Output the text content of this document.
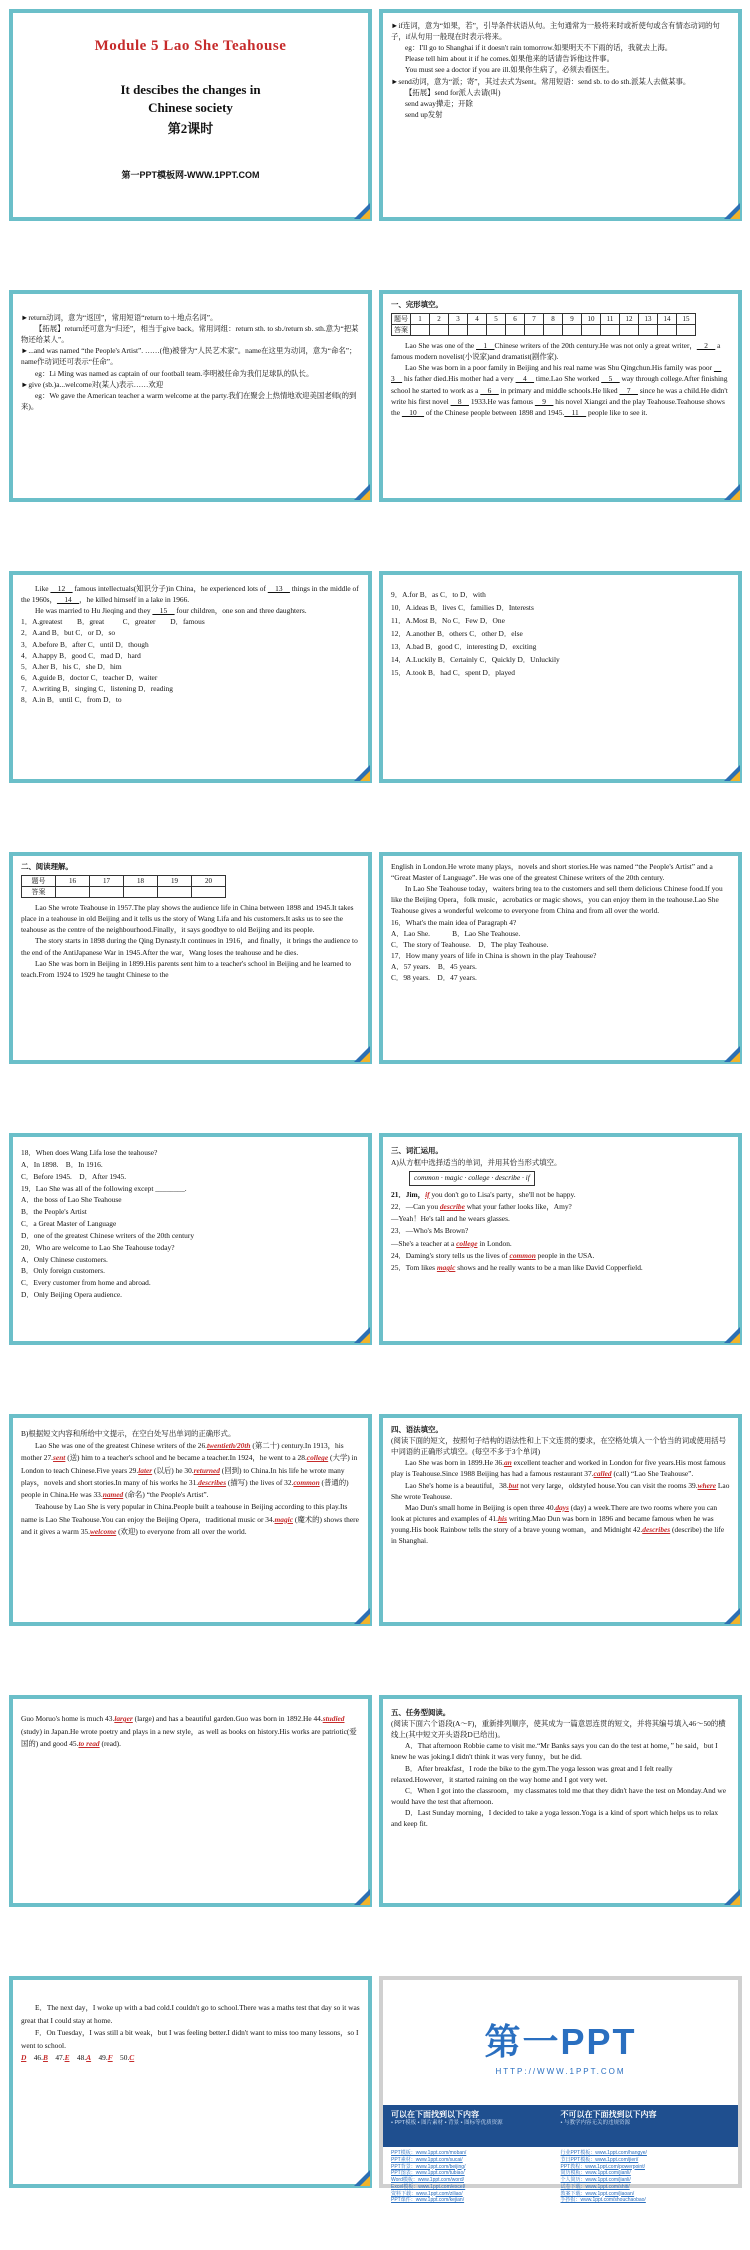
Module 5 Lao She Teahouse
It descibes the changes in
Chinese society
第2课时
第一PPT模板网-WWW.1PPT.COM

►if连词，意为“如果，若”，引导条件状语从句。主句通常为一般将来时或祈使句或含有情态动词的句子，if从句用一般现在时表示将来。

eg：I'll go to Shanghai if it doesn't rain tomorrow.如果明天不下雨的话，我就去上海。

Please tell him about it if he comes.如果他来的话请告诉他这件事。

You must see a doctor if you are ill.如果你生病了，必须去看医生。

►send动词，意为“派；寄”，其过去式为sent。常用短语：send sb. to do sth.派某人去做某事。

【拓展】send for派人去请(叫)

send away撵走；开除

send up发射

►return动词，意为“返回”，常用短语“return to＋地点名词”。

【拓展】return还可意为“归还”，相当于give back。常用词组：return sth. to sb./return sb. sth.意为“把某物还给某人”。

►...and was named “the People's Artist”. ……(他)被誉为“人民艺术家”。name在这里为动词，意为“命名”；name作动词还可表示“任命”。

eg：Li Ming was named as captain of our football team.李明被任命为我们足球队的队长。

►give (sb.)a...welcome对(某人)表示……欢迎

eg：We gave the American teacher a warm welcome at the party.我们在聚会上热情地欢迎美国老师(的到来)。

一、完形填空。

题号	1	2	3	4	5	6	7	8	9	10	11	12	13	14	15
答案															

Lao She was one of the   1  Chinese writers of the 20th century.He was not only a great writer，  2   a famous modern novelist(小说家)and dramatist(剧作家).

Lao She was born in a poor family in Beijing and his real name was Shu Qingchun.His family was poor   3   his father died.His mother had a very   4   time.Lao She worked   5   way through college.After finishing school he started to work as a   6   in primary and middle schools.He liked   7   since he was a child.He didn't write his first novel   8   1933.He was famous   9   his novel Xiangzi and the play Teahouse.Teahouse shows the   10   of the Chinese people between 1898 and 1945.  11   people like to see it.

Like   12   famous intellectuals(知识分子)in China，he experienced lots of   13   things in the middle of the 1960s，  14  ，he killed himself in a lake in 1966.

He was married to Hu Jieqing and they   15   four children，one son and three daughters.

1．A.greatest        B．great          C．greater        D．famous

2．A.and B．but C．or D．so

3．A.before B．after C．until D．though

4．A.happy B．good C．mad D．hard

5．A.her B．his C．she D．him

6．A.guide B．doctor C．teacher D．waiter

7．A.writing B．singing C．listening D．reading

8．A.in B．until C．from D．to

9．A.for B．as C．to D．with

10．A.ideas B．lives C．families D．Interests

11．A.Most B．No C．Few D．One

12．A.another B．others C．other D．else

13．A.bad B．good C．interesting D．exciting

14．A.Luckily B．Certainly C．Quickly D．Unluckily

15．A.took B．had C．spent D．played

二、阅读理解。

题号	16	17	18	19	20
答案					

Lao She wrote Teahouse in 1957.The play shows the audience life in China between 1898 and 1945.It takes place in a teahouse in old Beijing and it tells us the story of Wang Lifa and his customers.It asks us to see the teahouse as the centre of the neighbourhood.Finally，it says goodbye to old Beijing and its people.

The story starts in 1898 during the Qing Dynasty.It continues in 1916，and finally，it brings the audience to the end of the AntiJapanese War in 1945.After the war，Wang loses the teahouse and he dies.

Lao She was born in Beijing in 1899.His parents sent him to a teacher's school in Beijing and he learned to teach.From 1924 to 1929 he taught Chinese to the

English in London.He wrote many plays，novels and short stories.He was named “the People's Artist” and a “Great Master of Language”. He was one of the greatest Chinese writers of the 20th century.

In Lao She Teahouse today，waiters bring tea to the customers and sell them delicious Chinese food.If you like the Beijing Opera，folk music，acrobatics or magic shows，you can enjoy them in the teahouse.Lao She Teahouse gives a wonderful welcome to everyone from China and from all over the world.

16．What's the main idea of Paragraph 4?

A．Lao She.	B．Lao She Teahouse.

C．The story of Teahouse. D．The play Teahouse.

17．How many years of life in China is shown in the play Teahouse?

A．57 years. B．45 years.

C．98 years. D．47 years.

18．When does Wang Lifa lose the teahouse?

A．In 1898. B．In 1916.

C．Before 1945. D．After 1945.

19．Lao She was all of the following except ________.

A．the boss of Lao She Teahouse

B．the People's Artist

C．a Great Master of Language

D．one of the greatest Chinese writers of the 20th century

20．Who are welcome to Lao She Teahouse today?

A．Only Chinese customers.

B．Only foreign customers.

C．Every customer from home and abroad.

D．Only Beijing Opera audience.

三、词汇运用。

A)从方框中选择适当的单词，并用其恰当形式填空。

common · magic · college · describe · if

21．Jim，if you don't go to Lisa's party，she'll not be happy.

22．—Can you describe what your father looks like，Amy?

—Yeah！He's tall and he wears glasses.

23．—Who's Ms Brown?

—She's a teacher at a college in London.

24．Daming's story tells us the lives of common people in the USA.

25．Tom likes magic shows and he really wants to be a man like David Copperfield.

B)根据短文内容和所给中文提示，在空白处写出单词的正确形式。

Lao She was one of the greatest Chinese writers of the 26.twentieth/20th (第二十) century.In 1913，his mother 27.sent (送) him to a teacher's school and he became a teacher.In 1924，he went to a 28.college (大学) in London to teach Chinese.Five years 29.later (以后) he 30.returned (回到) to China.In his life he wrote many plays，novels and short stories.In many of his works he 31.describes (描写) the lives of 32.common (普通的) people in China.He was 33.named (命名) “the People's Artist”.

Teahouse by Lao She is very popular in China.People built a teahouse in Beijing according to this play.Its name is Lao She Teahouse.You can enjoy the Beijing Opera，traditional music or 34.magic (魔术的) shows there and it gives a warm 35.welcome (欢迎) to everyone from all over the world.

四、语法填空。

(阅读下面的短文，按照句子结构的语法性和上下文连贯的要求，在空格处填入一个恰当的词或使用括号中词语的正确形式填空。(每空不多于3个单词)

Lao She was born in 1899.He 36.an excellent teacher and worked in London for five years.His most famous play is Teahouse.Since 1988 Beijing has had a famous restaurant 37.called (call) “Lao She Teahouse”.

Lao She's home is a beautiful，38.but not very large，oldstyled house.You can visit the rooms 39.where Lao She wrote Teahouse.

Mao Dun's small home in Beijing is open three 40.days (day) a week.There are two rooms where you can look at pictures and examples of 41.his writing.Mao Dun was born in 1896 and became famous when he was young.His book Rainbow tells the story of a brave young woman，and Midnight 42.describes (describe) the life in Shanghai.

Guo Moruo's home is much 43.larger (large) and has a beautiful garden.Guo was born in 1892.He 44.studied (study) in Japan.He wrote poetry and plays in a new style，as well as books on history.His works are patriotic(爱国的) and good 45.to read (read).

五、任务型阅读。

(阅读下面六个语段(A～F)，重新排列顺序，使其成为一篇意思连贯的短文，并将其编号填入46～50的横线上(其中短文开头语段D已给出)。

A．That afternoon Robbie came to visit me.“Mr Banks says you can do the test at home，” he said，but I knew he was joking.I didn't think it was very funny，but he did.

B．After breakfast，I rode the bike to the gym.The yoga lesson was great and I felt really relaxed.However，it started raining on the way home and I got very wet.

C．When I got into the classroom，my classmates told me that they didn't have the test on Monday.And we would have the test that afternoon.

D．Last Sunday morning，I decided to take a yoga lesson.Yoga is a kind of sport which helps us to relax and keep fit.

E．The next day，I woke up with a bad cold.I couldn't go to school.There was a maths test that day so it was great that I could stay at home.

F．On Tuesday，I was still a bit weak，but I was feeling better.I didn't want to miss too many lessons，so I went to school.

D 46.B 47.E 48.A 49.F 50.C	第一PPT
HTTP://WWW.1PPT.COM
可以在下面找到以下内容
• PPT模板 • 图片素材 • 背景 • 图标等优质资源
不可以在下面找到以下内容
• 与教学内容无关的违规资源
PPT模板：www.1ppt.com/moban/
PPT素材：www.1ppt.com/sucai/
PPT背景：www.1ppt.com/beijing/
PPT图表：www.1ppt.com/tubiao/
Word模板：www.1ppt.com/word/
Excel模板：www.1ppt.com/excel/
资料下载：www.1ppt.com/ziliao/
PPT课件：www.1ppt.com/kejian/
行业PPT模板：www.1ppt.com/hangye/
节日PPT模板：www.1ppt.com/jieri/
PPT教程：www.1ppt.com/powerpoint/
简历模板：www.1ppt.com/jianli/
个人简历：www.1ppt.com/jianli/
试卷下载：www.1ppt.com/shiti/
教案下载：www.1ppt.com/jiaoan/
手抄报：www.1ppt.com/shouchaobao/
